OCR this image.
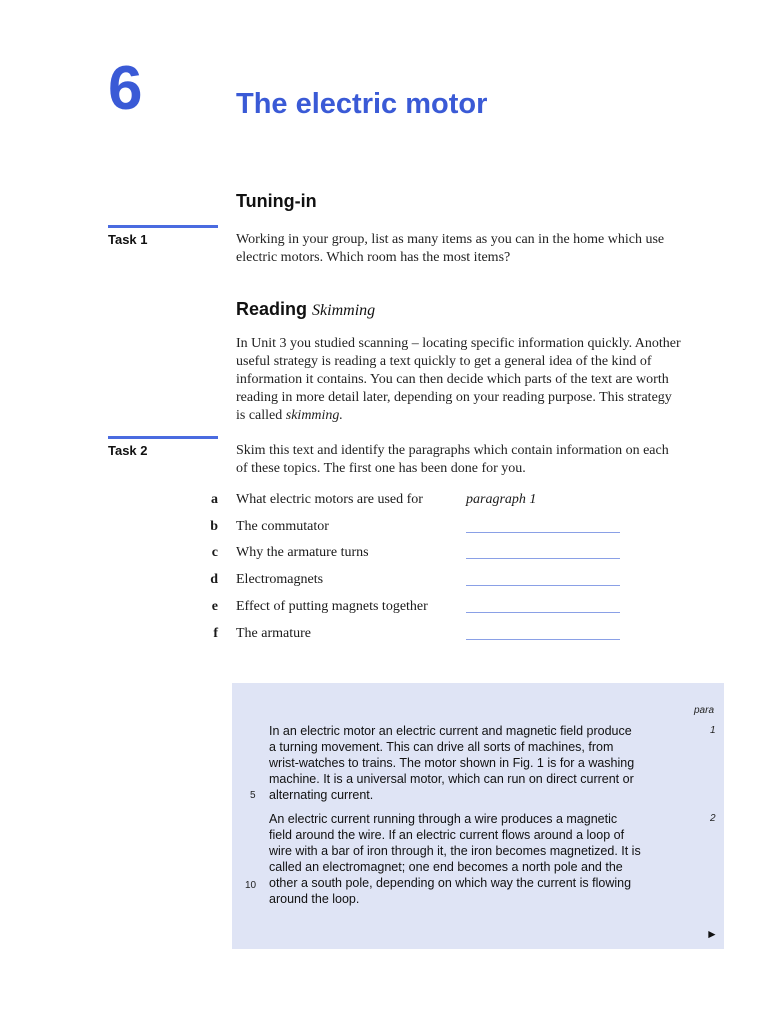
6	The electric motor
Tuning-in
Task 1	Working in your group, list as many items as you can in the home which use
electric motors. Which room has the most items?
Reading Skimming
In Unit 3 you studied scanning – locating specific information quickly. Another
useful strategy is reading a text quickly to get a general idea of the kind of
information it contains. You can then decide which parts of the text are worth
reading in more detail later, depending on your reading purpose. This strategy
is called skimming.
Task 2	Skim this text and identify the paragraphs which contain information on each
of these topics. The first one has been done for you.
a What electric motors are used for	paragraph 1
b The commutator
c Why the armature turns
d Electromagnets
e Effect of putting magnets together
f The armature
para
In an electric motor an electric current and magnetic field produce
a turning movement. This can drive all sorts of machines, from
wrist-watches to trains. The motor shown in Fig. 1 is for a washing
machine. It is a universal motor, which can run on direct current or
alternating current.
1
5
An electric current running through a wire produces a magnetic
field around the wire. If an electric current flows around a loop of
wire with a bar of iron through it, the iron becomes magnetized. It is
called an electromagnet; one end becomes a north pole and the
other a south pole, depending on which way the current is flowing
around the loop.
2
10
►
